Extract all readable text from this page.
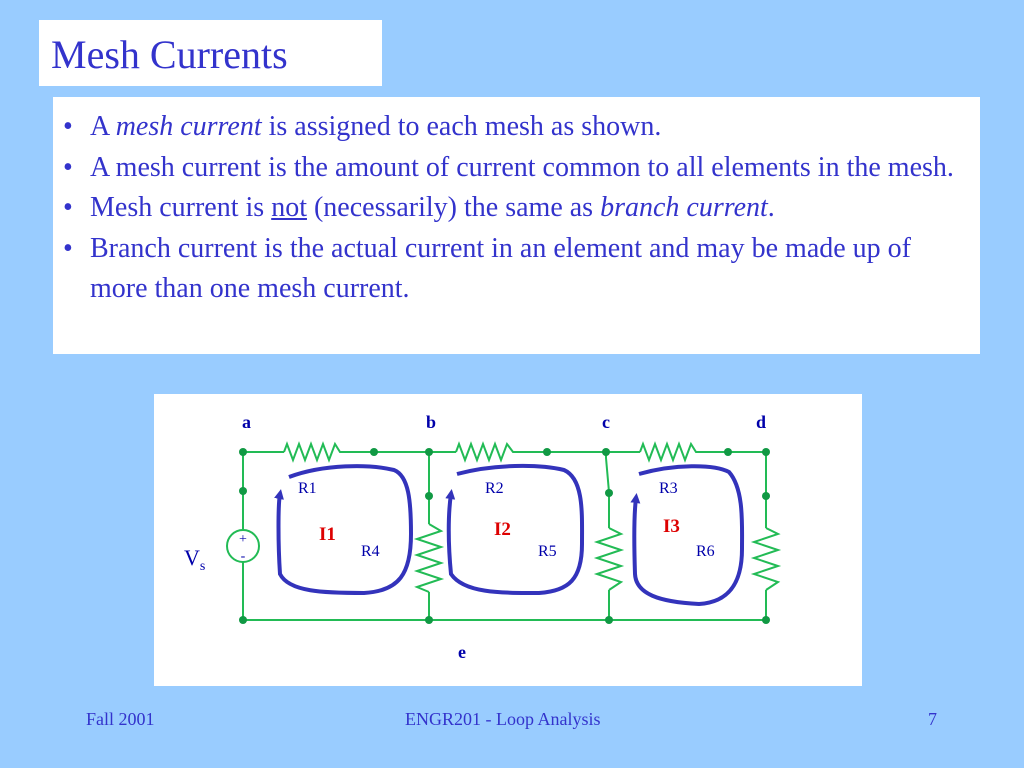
Mesh Currents
• A mesh current is assigned to each mesh as shown.
• A mesh current is the amount of current common to all elements in the mesh.
• Mesh current is not (necessarily) the same as branch current.
• Branch current is the actual current in an element and may be made up of more than one mesh current.
a	b	c	d
e
R1	R2	R3
R4	R5	R6
I1	I2	I3
+
-
$V_s$
Fall 2001	ENGR201 - Loop Analysis	7
